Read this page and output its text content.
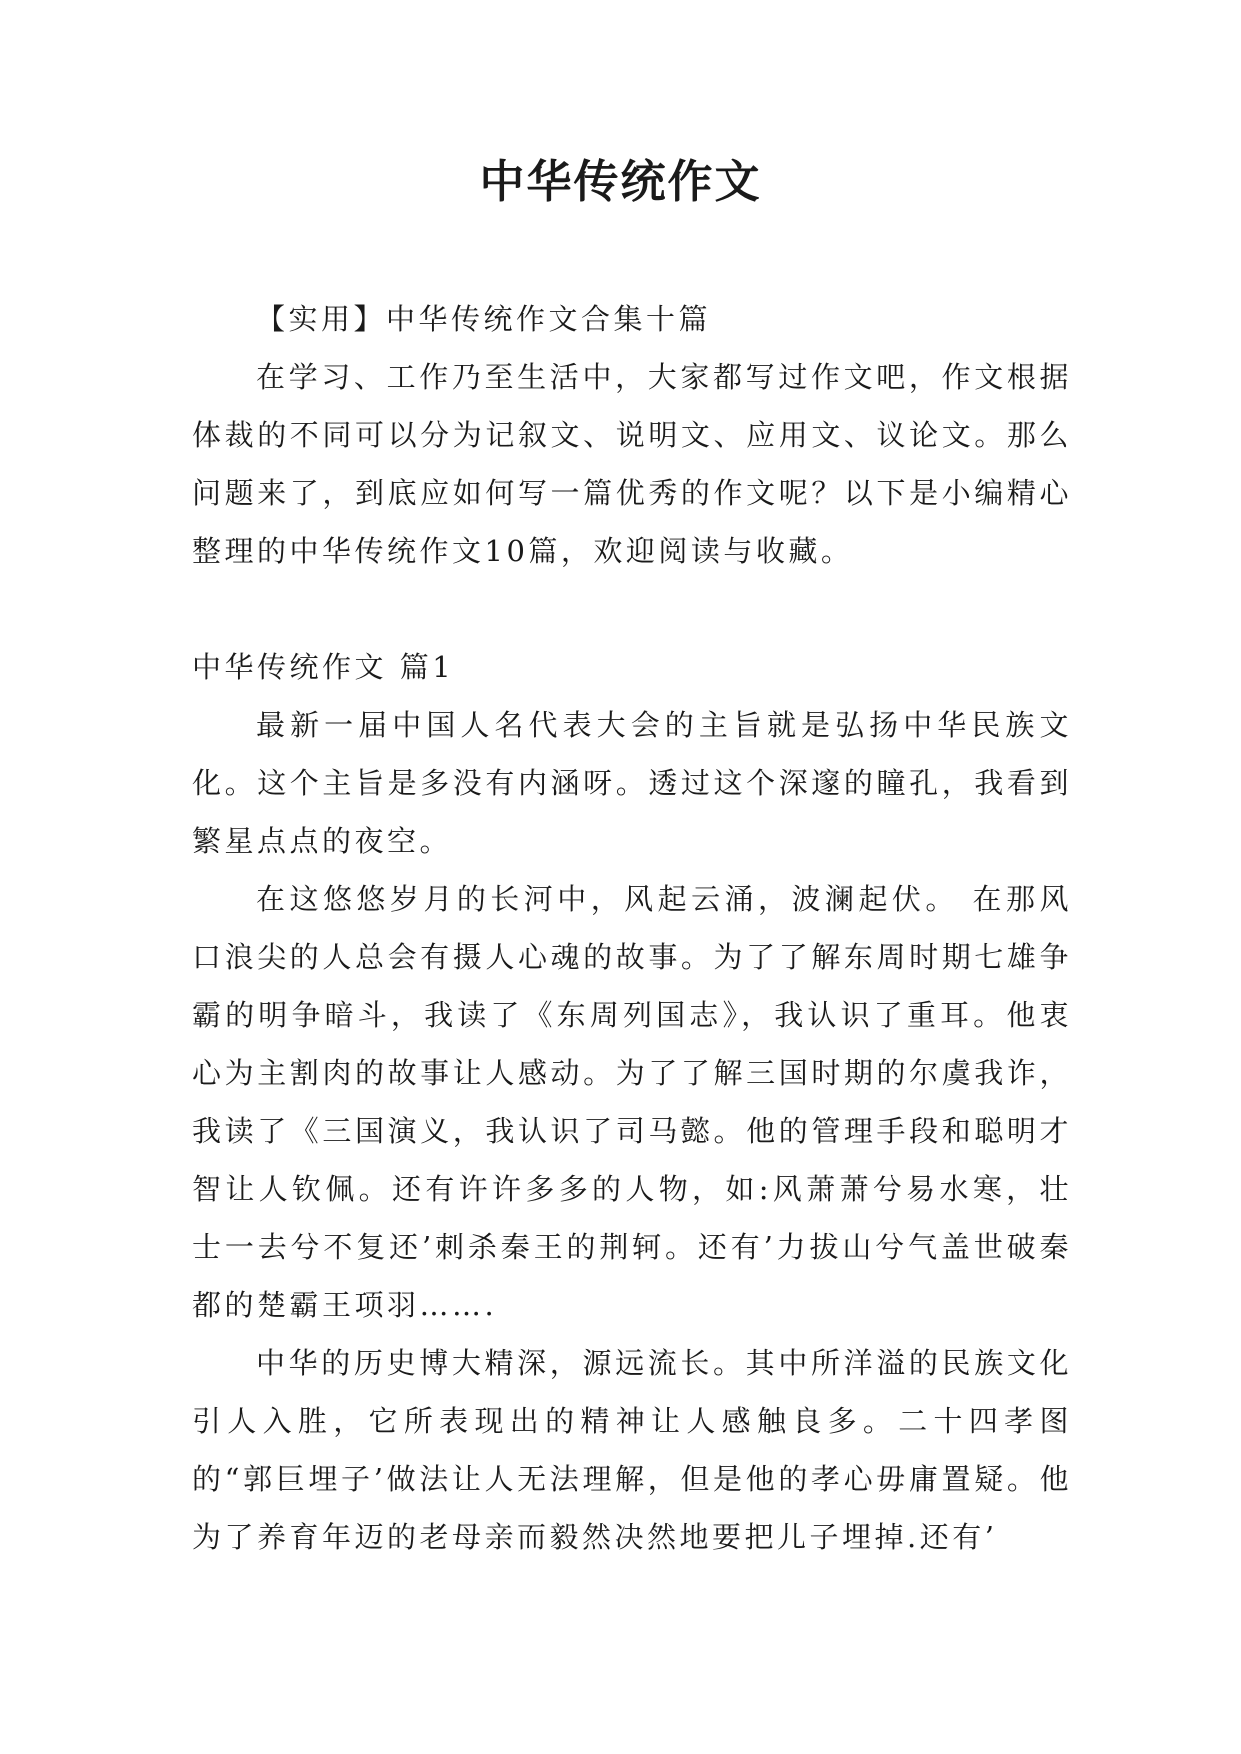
中华传统作文

【实用】中华传统作文合集十篇

在学习、工作乃至生活中，大家都写过作文吧，作文根据体裁的不同可以分为记叙文、说明文、应用文、议论文。那么问题来了，到底应如何写一篇优秀的作文呢？以下是小编精心整理的中华传统作文10篇，欢迎阅读与收藏。

中华传统作文 篇1

最新一届中国人名代表大会的主旨就是弘扬中华民族文化。这个主旨是多没有内涵呀。透过这个深邃的瞳孔，我看到繁星点点的夜空。

在这悠悠岁月的长河中，风起云涌，波澜起伏。 在那风口浪尖的人总会有摄人心魂的故事。为了了解东周时期七雄争霸的明争暗斗，我读了《东周列国志》，我认识了重耳。他衷心为主割肉的故事让人感动。为了了解三国时期的尔虞我诈，我读了《三国演义，我认识了司马懿。他的管理手段和聪明才智让人钦佩。还有许许多多的人物，如:风萧萧兮易水寒，壮士一去兮不复还’刺杀秦王的荆轲。还有’力拔山兮气盖世破秦都的楚霸王项羽…….

中华的历史博大精深，源远流长。其中所洋溢的民族文化引人入胜，它所表现出的精神让人感触良多。二十四孝图的“郭巨埋子’做法让人无法理解，但是他的孝心毋庸置疑。他为了养育年迈的老母亲而毅然决然地要把儿子埋掉.还有’
